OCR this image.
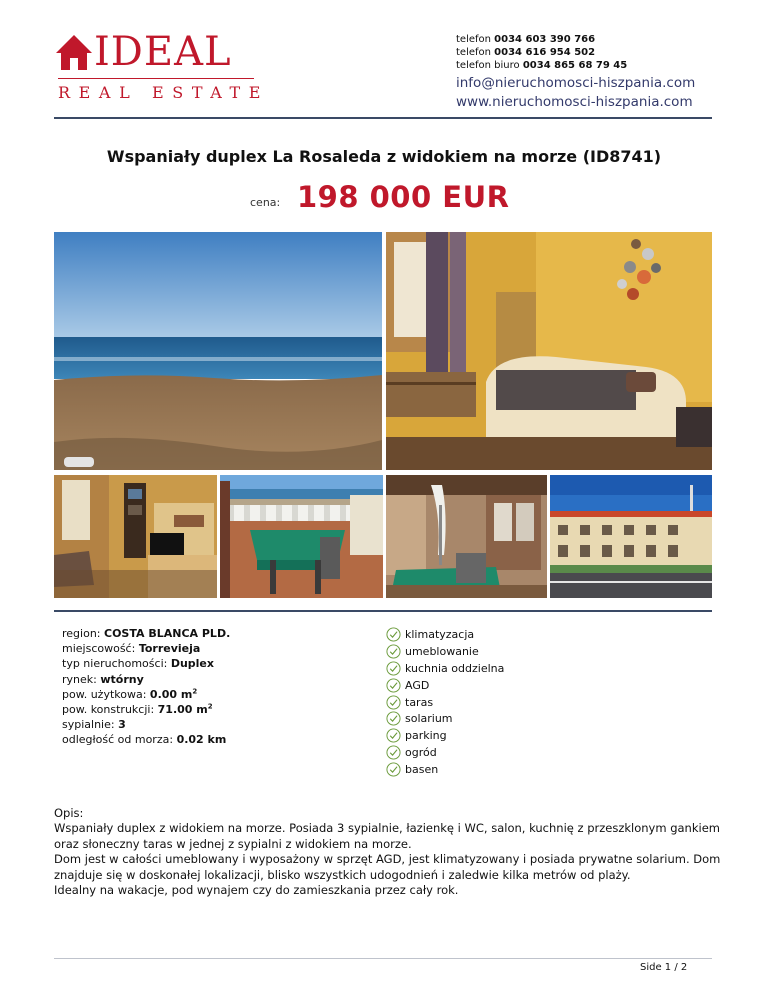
IDEAL
REAL ESTATE
telefon 0034 603 390 766
telefon 0034 616 954 502
telefon biuro 0034 865 68 79 45
info@nieruchomosci-hiszpania.com
www.nieruchomosci-hiszpania.com
Wspaniały duplex La Rosaleda z widokiem na morze (ID8741)
cena: 198 000 EUR
region: COSTA BLANCA PLD.
miejscowość: Torrevieja
typ nieruchomości: Duplex
rynek: wtórny
pow. użytkowa: 0.00 $m^2$
pow. konstrukcji: 71.00 $m^2$
sypialnie: 3
odległość od morza: 0.02 km
klimatyzacja
umeblowanie
kuchnia oddzielna
AGD
taras
solarium
parking
ogród
basen

Opis:

Wspaniały duplex z widokiem na morze. Posiada 3 sypialnie, łazienkę i WC, salon, kuchnię z przeszklonym gankiem oraz słoneczny taras w jednej z sypialni z widokiem na morze.

Dom jest w całości umeblowany i wyposażony w sprzęt AGD, jest klimatyzowany i posiada prywatne solarium. Dom znajduje się w doskonałej lokalizacji, blisko wszystkich udogodnień i zaledwie kilka metrów od plaży.

Idealny na wakacje, pod wynajem czy do zamieszkania przez cały rok.

Side 1 / 2
